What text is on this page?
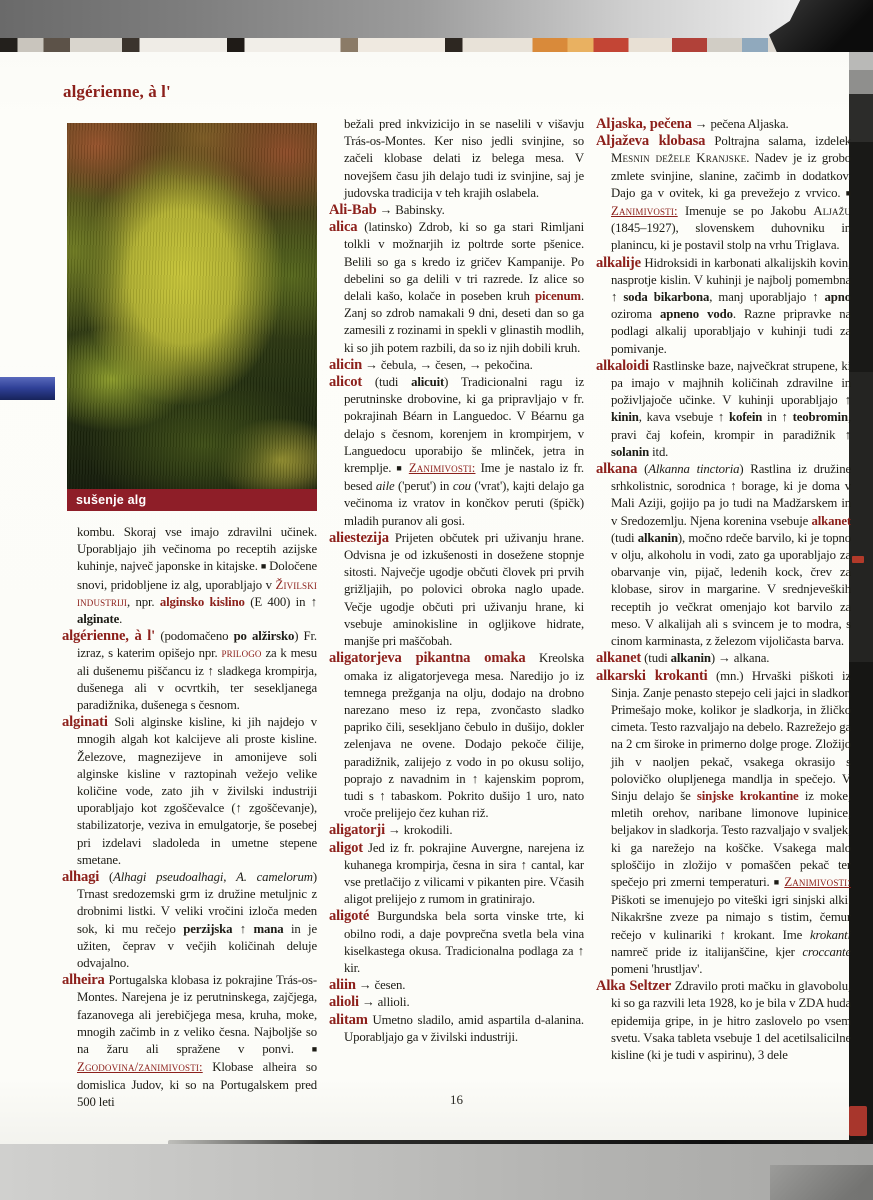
algérienne, à l'
sušenje alg

kombu. Skoraj vse imajo zdravilni učinek. Uporabljajo jih večinoma po receptih azijske kuhinje, največ japonske in kitajske. ■ Določene snovi, pridobljene iz alg, uporabljajo v Živilski industriji, npr. alginsko kislino (E 400) in ↑ alginate.

algérienne, à l' (podomačeno po alžirsko) Fr. izraz, s katerim opišejo npr. prilogo za k mesu ali dušenemu piščancu iz ↑ sladkega krompirja, dušenega ali v ocvrtkih, ter sesekljanega paradižnika, dušenega s česnom.

alginati Soli alginske kisline, ki jih najdejo v mnogih algah kot kalcijeve ali proste kisline. Železove, magnezijeve in amonijeve soli alginske kisline v raztopinah vežejo velike količine vode, zato jih v živilski industriji uporabljajo kot zgoščevalce (↑ zgoščevanje), stabilizatorje, veziva in emulgatorje, še posebej pri izdelavi sladoleda in umetne stepene smetane.

alhagi (Alhagi pseudoalhagi, A. camelorum) Trnast sredozemski grm iz družine metuljnic z drobnimi listki. V veliki vročini izloča meden sok, ki mu rečejo perzijska ↑ mana in je užiten, čeprav v večjih količinah deluje odvajalno.

alheira Portugalska klobasa iz pokrajine Trás-os-Montes. Narejena je iz perutninskega, zajčjega, fazanovega ali jerebičjega mesa, kruha, moke, mnogih začimb in z veliko česna. Najboljše so na žaru ali spražene v ponvi. ■ Zgodovina/zanimivosti: Klobase alheira so domislica Judov, ki so na Portugalskem pred 500 leti

bežali pred inkvizicijo in se naselili v višavju Trás-os-Montes. Ker niso jedli svinjine, so začeli klobase delati iz belega mesa. V novejšem času jih delajo tudi iz svinjine, saj je judovska tradicija v teh krajih oslabela.

Ali-Bab → Babinsky.

alica (latinsko) Zdrob, ki so ga stari Rimljani tolkli v možnarjih iz poltrde sorte pšenice. Belili so ga s kredo iz gričev Kampanije. Po debelini so ga delili v tri razrede. Iz alice so delali kašo, kolače in poseben kruh picenum. Zanj so zdrob namakali 9 dni, deseti dan so ga zamesili z rozinami in spekli v glinastih modlih, ki so jih potem razbili, da so iz njih dobili kruh.

alicin → čebula, → česen, → pekočina.

alicot (tudi alicuit) Tradicionalni ragu iz perutninske drobovine, ki ga pripravljajo v fr. pokrajinah Béarn in Languedoc. V Béarnu ga delajo s česnom, korenjem in krompirjem, v Languedocu uporabijo še mlinček, jetra in kremplje. ■ Zanimivosti: Ime je nastalo iz fr. besed aile ('perut') in cou ('vrat'), kajti delajo ga večinoma iz vratov in končkov peruti (špičk) mladih puranov ali gosi.

aliestezija Prijeten občutek pri uživanju hrane. Odvisna je od izkušenosti in dosežene stopnje sitosti. Največje ugodje občuti človek pri prvih grižljajih, po polovici obroka naglo upade. Večje ugodje občuti pri uživanju hrane, ki vsebuje aminokisline in ogljikove hidrate, manjše pri maščobah.

aligatorjeva pikantna omaka Kreolska omaka iz aligatorjevega mesa. Naredijo jo iz temnega prežganja na olju, dodajo na drobno narezano meso iz repa, zvončasto sladko papriko čili, sesekljano čebulo in dušijo, dokler zelenjava ne ovene. Dodajo pekoče čilije, paradižnik, zalijejo z vodo in po okusu solijo, poprajo z navadnim in ↑ kajenskim poprom, tudi s ↑ tabaskom. Pokrito dušijo 1 uro, nato vroče prelijejo čez kuhan riž.

aligatorji → krokodili.

aligot Jed iz fr. pokrajine Auvergne, narejena iz kuhanega krompirja, česna in sira ↑ cantal, kar vse pretlačijo z vilicami v pikanten pire. Včasih aligot prelijejo z rumom in gratinirajo.

aligoté Burgundska bela sorta vinske trte, ki obilno rodi, a daje povprečna svetla bela vina kiselkastega okusa. Tradicionalna podlaga za ↑ kir.

aliin → česen.

alioli → allioli.

alitam Umetno sladilo, amid aspartila d-alanina. Uporabljajo ga v živilski industriji.

Aljaska, pečena → pečena Aljaska.

Aljaževa klobasa Poltrajna salama, izdelek Mesnin dežele Kranjske. Nadev je iz grobo zmlete svinjine, slanine, začimb in dodatkov. Dajo ga v ovitek, ki ga prevežejo z vrvico. ■ Zanimivosti: Imenuje se po Jakobu Aljažu (1845–1927), slovenskem duhovniku in planincu, ki je postavil stolp na vrhu Triglava.

alkalije Hidroksidi in karbonati alkalijskih kovin, nasprotje kislin. V kuhinji je najbolj pomembna ↑ soda bikarbona, manj uporabljajo ↑ apno oziroma apneno vodo. Razne pripravke na podlagi alkalij uporabljajo v kuhinji tudi za pomivanje.

alkaloidi Rastlinske baze, največkrat strupene, ki pa imajo v majhnih količinah zdravilne in poživljajoče učinke. V kuhinji uporabljajo ↑ kinin, kava vsebuje ↑ kofein in ↑ teobromin, pravi čaj kofein, krompir in paradižnik ↑ solanin itd.

alkana (Alkanna tinctoria) Rastlina iz družine srhkolistnic, sorodnica ↑ borage, ki je doma v Mali Aziji, gojijo pa jo tudi na Madžarskem in v Sredozemlju. Njena korenina vsebuje alkanet (tudi alkanin), močno rdeče barvilo, ki je topno v olju, alkoholu in vodi, zato ga uporabljajo za obarvanje vin, pijač, ledenih kock, črev za klobase, sirov in margarine. V srednjeveških receptih jo večkrat omenjajo kot barvilo za meso. V alkalijah ali s svincem je to modra, s cinom karminasta, z železom vijoličasta barva.

alkanet (tudi alkanin) → alkana.

alkarski krokanti (mn.) Hrvaški piškoti iz Sinja. Zanje penasto stepejo celi jajci in sladkor. Primešajo moke, kolikor je sladkorja, in žličko cimeta. Testo razvaljajo na debelo. Razrežejo ga na 2 cm široke in primerno dolge proge. Zložijo jih v naoljen pekač, vsakega okrasijo s polovičko olupljenega mandlja in spečejo. V Sinju delajo še sinjske krokantine iz moke, mletih orehov, naribane limonove lupinice, beljakov in sladkorja. Testo razvaljajo v svaljek, ki ga narežejo na koščke. Vsakega malo sploščijo in zložijo v pomaščen pekač ter spečejo pri zmerni temperaturi. ■ Zanimivosti: Piškoti se imenujejo po viteški igri sinjski alki. Nikakršne zveze pa nimajo s tistim, čemur rečejo v kulinariki ↑ krokant. Ime krokanti namreč pride iz italijanščine, kjer croccante pomeni 'hrustljav'.

Alka Seltzer Zdravilo proti mačku in glavobolu, ki so ga razvili leta 1928, ko je bila v ZDA huda epidemija gripe, in je hitro zaslovelo po vsem svetu. Vsaka tableta vsebuje 1 del acetilsalicilne kisline (ki je tudi v aspirinu), 3 dele

16
